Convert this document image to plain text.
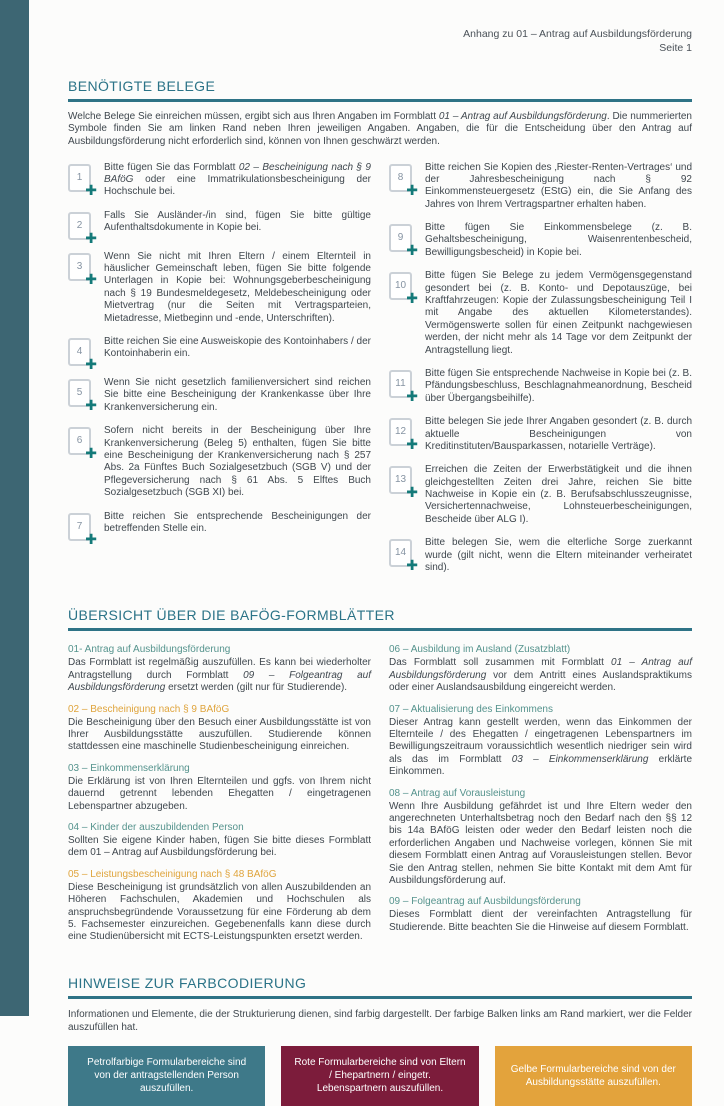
Anhang zu 01 – Antrag auf Ausbildungsförderung
Seite 1
BENÖTIGTE BELEGE

Welche Belege Sie einreichen müssen, ergibt sich aus Ihren Angaben im Formblatt 01 – Antrag auf Ausbildungsförderung. Die nummerierten Symbole finden Sie am linken Rand neben Ihren jeweiligen Angaben. Angaben, die für die Entscheidung über den Antrag auf Ausbildungsförderung nicht erforderlich sind, können von Ihnen geschwärzt werden.

1
✚
Bitte fügen Sie das Formblatt 02 – Bescheinigung nach § 9 BAföG oder eine Immatrikulationsbescheinigung der Hochschule bei.
2
✚
Falls Sie Ausländer-/in sind, fügen Sie bitte gültige Aufenthaltsdokumente in Kopie bei.
3
✚
Wenn Sie nicht mit Ihren Eltern / einem Elternteil in häuslicher Gemeinschaft leben, fügen Sie bitte folgende Unterlagen in Kopie bei: Wohnungsgeberbescheinigung nach § 19 Bundesmeldegesetz, Meldebescheinigung oder Mietvertrag (nur die Seiten mit Vertragsparteien, Mietadresse, Mietbeginn und -ende, Unterschriften).
4
✚
Bitte reichen Sie eine Ausweiskopie des Kontoinhabers / der Kontoinhaberin ein.
5
✚
Wenn Sie nicht gesetzlich familienversichert sind reichen Sie bitte eine Bescheinigung der Krankenkasse über Ihre Krankenversicherung ein.
6
✚
Sofern nicht bereits in der Bescheinigung über Ihre Krankenversicherung (Beleg 5) enthalten, fügen Sie bitte eine Bescheinigung der Krankenversicherung nach § 257 Abs. 2a Fünftes Buch Sozialgesetzbuch (SGB V) und der Pflegeversicherung nach § 61 Abs. 5 Elftes Buch Sozialgesetzbuch (SGB XI) bei.
7
✚
Bitte reichen Sie entsprechende Bescheinigungen der betreffenden Stelle ein.
8
✚
Bitte reichen Sie Kopien des ‚Riester-Renten-Vertrages‘ und der Jahresbescheinigung nach § 92 Einkommensteuergesetz (EStG) ein, die Sie Anfang des Jahres von Ihrem Vertragspartner erhalten haben.
9
✚
Bitte fügen Sie Einkommensbelege (z. B. Gehaltsbescheinigung, Waisenrentenbescheid, Bewilligungsbescheid) in Kopie bei.
10
✚
Bitte fügen Sie Belege zu jedem Vermögensgegenstand gesondert bei (z. B. Konto- und Depotauszüge, bei Kraftfahrzeugen: Kopie der Zulassungsbescheinigung Teil I mit Angabe des aktuellen Kilometerstandes). Vermögenswerte sollen für einen Zeitpunkt nachgewiesen werden, der nicht mehr als 14 Tage vor dem Zeitpunkt der Antragstellung liegt.
11
✚
Bitte fügen Sie entsprechende Nachweise in Kopie bei (z. B. Pfändungsbeschluss, Beschlagnahmeanordnung, Bescheid über Übergangsbeihilfe).
12
✚
Bitte belegen Sie jede Ihrer Angaben gesondert (z. B. durch aktuelle Bescheinigungen von Kreditinstituten/Bausparkassen, notarielle Verträge).
13
✚
Erreichen die Zeiten der Erwerbstätigkeit und die ihnen gleichgestellten Zeiten drei Jahre, reichen Sie bitte Nachweise in Kopie ein (z. B. Berufsabschlusszeugnisse, Versichertennachweise, Lohnsteuerbescheinigungen, Bescheide über ALG I).
14
✚
Bitte belegen Sie, wem die elterliche Sorge zuerkannt wurde (gilt nicht, wenn die Eltern miteinander verheiratet sind).
ÜBERSICHT ÜBER DIE BAFÖG-FORMBLÄTTER
01- Antrag auf Ausbildungsförderung
Das Formblatt ist regelmäßig auszufüllen. Es kann bei wiederholter Antragstellung durch Formblatt 09 – Folgeantrag auf Ausbildungsförderung ersetzt werden (gilt nur für Studierende).
02 – Bescheinigung nach § 9 BAföG
Die Bescheinigung über den Besuch einer Ausbildungsstätte ist von Ihrer Ausbildungsstätte auszufüllen. Studierende können stattdessen eine maschinelle Studienbescheinigung einreichen.
03 – Einkommenserklärung
Die Erklärung ist von Ihren Elternteilen und ggfs. von Ihrem nicht dauernd getrennt lebenden Ehegatten / eingetragenen Lebenspartner abzugeben.
04 – Kinder der auszubildenden Person
Sollten Sie eigene Kinder haben, fügen Sie bitte dieses Formblatt dem 01 – Antrag auf Ausbildungsförderung bei.
05 – Leistungsbescheinigung nach § 48 BAföG
Diese Bescheinigung ist grundsätzlich von allen Auszubildenden an Höheren Fachschulen, Akademien und Hochschulen als anspruchsbegründende Voraussetzung für eine Förderung ab dem 5. Fachsemester einzureichen. Gegebenenfalls kann diese durch eine Studienübersicht mit ECTS-Leistungspunkten ersetzt werden.
06 – Ausbildung im Ausland (Zusatzblatt)
Das Formblatt soll zusammen mit Formblatt 01 – Antrag auf Ausbildungsförderung vor dem Antritt eines Auslandspraktikums oder einer Auslandsausbildung eingereicht werden.
07 – Aktualisierung des Einkommens
Dieser Antrag kann gestellt werden, wenn das Einkommen der Elternteile / des Ehegatten / eingetragenen Lebenspartners im Bewilligungszeitraum voraussichtlich wesentlich niedriger sein wird als das im Formblatt 03 – Einkommenserklärung erklärte Einkommen.
08 – Antrag auf Vorausleistung
Wenn Ihre Ausbildung gefährdet ist und Ihre Eltern weder den angerechneten Unterhaltsbetrag noch den Bedarf nach den §§ 12 bis 14a BAföG leisten oder weder den Bedarf leisten noch die erforderlichen Angaben und Nachweise vorlegen, können Sie mit diesem Formblatt einen Antrag auf Vorausleistungen stellen. Bevor Sie den Antrag stellen, nehmen Sie bitte Kontakt mit dem Amt für Ausbildungsförderung auf.
09 – Folgeantrag auf Ausbildungsförderung
Dieses Formblatt dient der vereinfachten Antragstellung für Studierende. Bitte beachten Sie die Hinweise auf diesem Formblatt.
HINWEISE ZUR FARBCODIERUNG

Informationen und Elemente, die der Strukturierung dienen, sind farbig dargestellt. Der farbige Balken links am Rand markiert, wer die Felder auszufüllen hat.

Petrolfarbige Formularbereiche sind von der antragstellenden Person auszufüllen.
Rote Formularbereiche sind von Eltern / Ehepartnern / eingetr. Lebenspartnern auszufüllen.
Gelbe Formularbereiche sind von der Ausbildungsstätte auszufüllen.
